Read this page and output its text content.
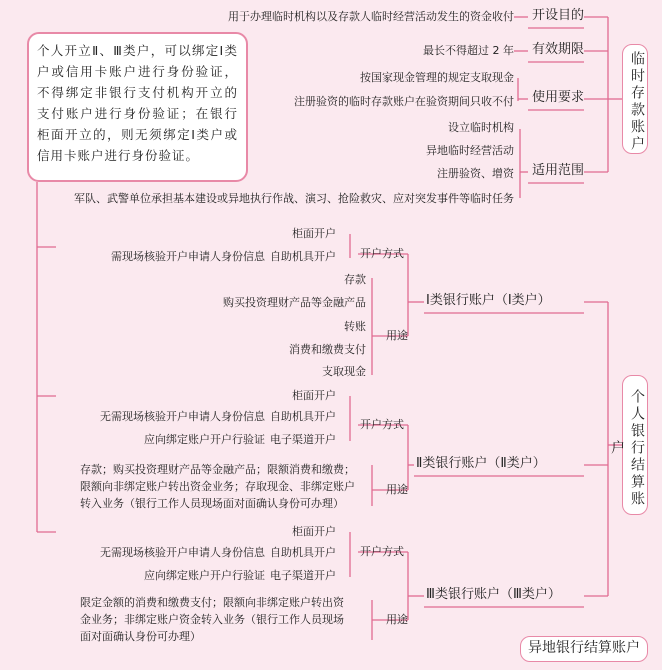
个人开立Ⅱ、Ⅲ类户，可以绑定Ⅰ类户或信用卡账户进行身份验证，不得绑定非银行支付机构开立的支付账户进行身份验证；在银行柜面开立的，则无须绑定Ⅰ类户或信用卡账户进行身份验证。
临时存款账户
开设目的
用于办理临时机构以及存款人临时经营活动发生的资金收付
有效期限
最长不得超过 2 年
使用要求
按国家现金管理的规定支取现金
注册验资的临时存款账户在验资期间只收不付
适用范围
设立临时机构
异地临时经营活动
注册验资、增资
军队、武警单位承担基本建设或异地执行作战、演习、抢险救灾、应对突发事件等临时任务
个人银行结算账户
Ⅰ类银行账户（Ⅰ类户）
开户方式
柜面开户
自助机具开户
需现场核验开户申请人身份信息
用途
存款
购买投资理财产品等金融产品
转账
消费和缴费支付
支取现金
Ⅱ类银行账户（Ⅱ类户）
开户方式
柜面开户
自助机具开户
无需现场核验开户申请人身份信息
电子渠道开户
应向绑定账户开户行验证
用途
存款；购买投资理财产品等金融产品；限额消费和缴费；
限额向非绑定账户转出资金业务；存取现金、非绑定账户
转入业务（银行工作人员现场面对面确认身份可办理）
Ⅲ类银行账户（Ⅲ类户）
开户方式
柜面开户
自助机具开户
无需现场核验开户申请人身份信息
电子渠道开户
应向绑定账户开户行验证
用途
限定金额的消费和缴费支付；限额向非绑定账户转出资
金业务；非绑定账户资金转入业务（银行工作人员现场
面对面确认身份可办理）
异地银行结算账户
